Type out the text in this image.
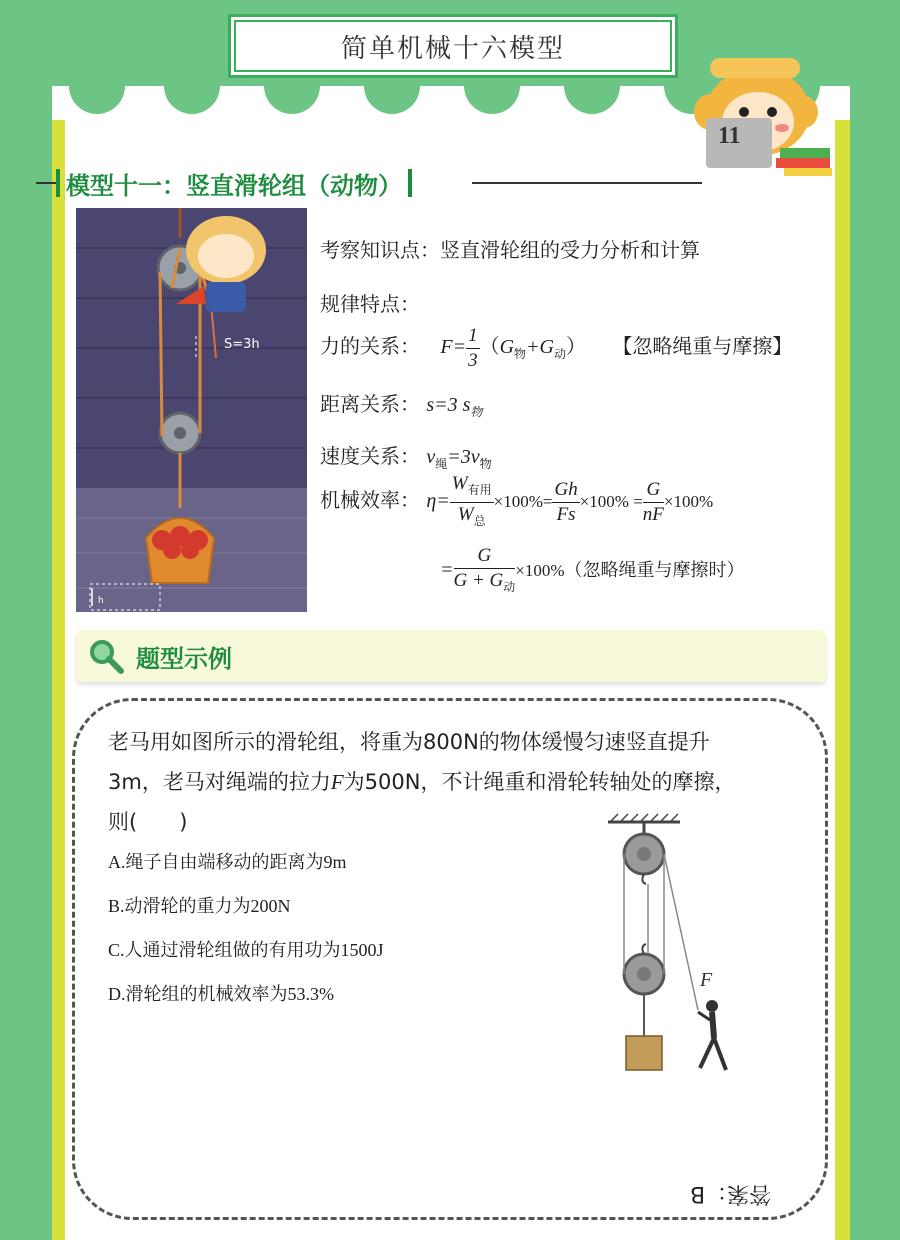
简单机械十六模型
11
模型十一：竖直滑轮组（动物）
S=3h
h
考察知识点：竖直滑轮组的受力分析和计算
规律特点：
力的关系： $F= \frac{1}{3} (G_物+G_动)$ 【忽略绳重与摩擦】
距离关系： s=3 $s_物$
速度关系： $v_绳=3v_物$
机械效率： $\eta= \frac{W_{有用}}{W_总} \times 100\%= \frac{Gh}{Fs} \times 100\% = \frac{G}{nF} \times 100\%$
= $\frac{G}{G + G_动} \times 100\%$（忽略绳重与摩擦时）
题型示例
老马用如图所示的滑轮组，将重为800N的物体缓慢匀速竖直提升
3m，老马对绳端的拉力F为500N，不计绳重和滑轮转轴处的摩擦，
则(　　)
A.绳子自由端移动的距离为9m
B.动滑轮的重力为200N
C.人通过滑轮组做的有用功为1500J
D.滑轮组的机械效率为53.3%
F
答案：B
